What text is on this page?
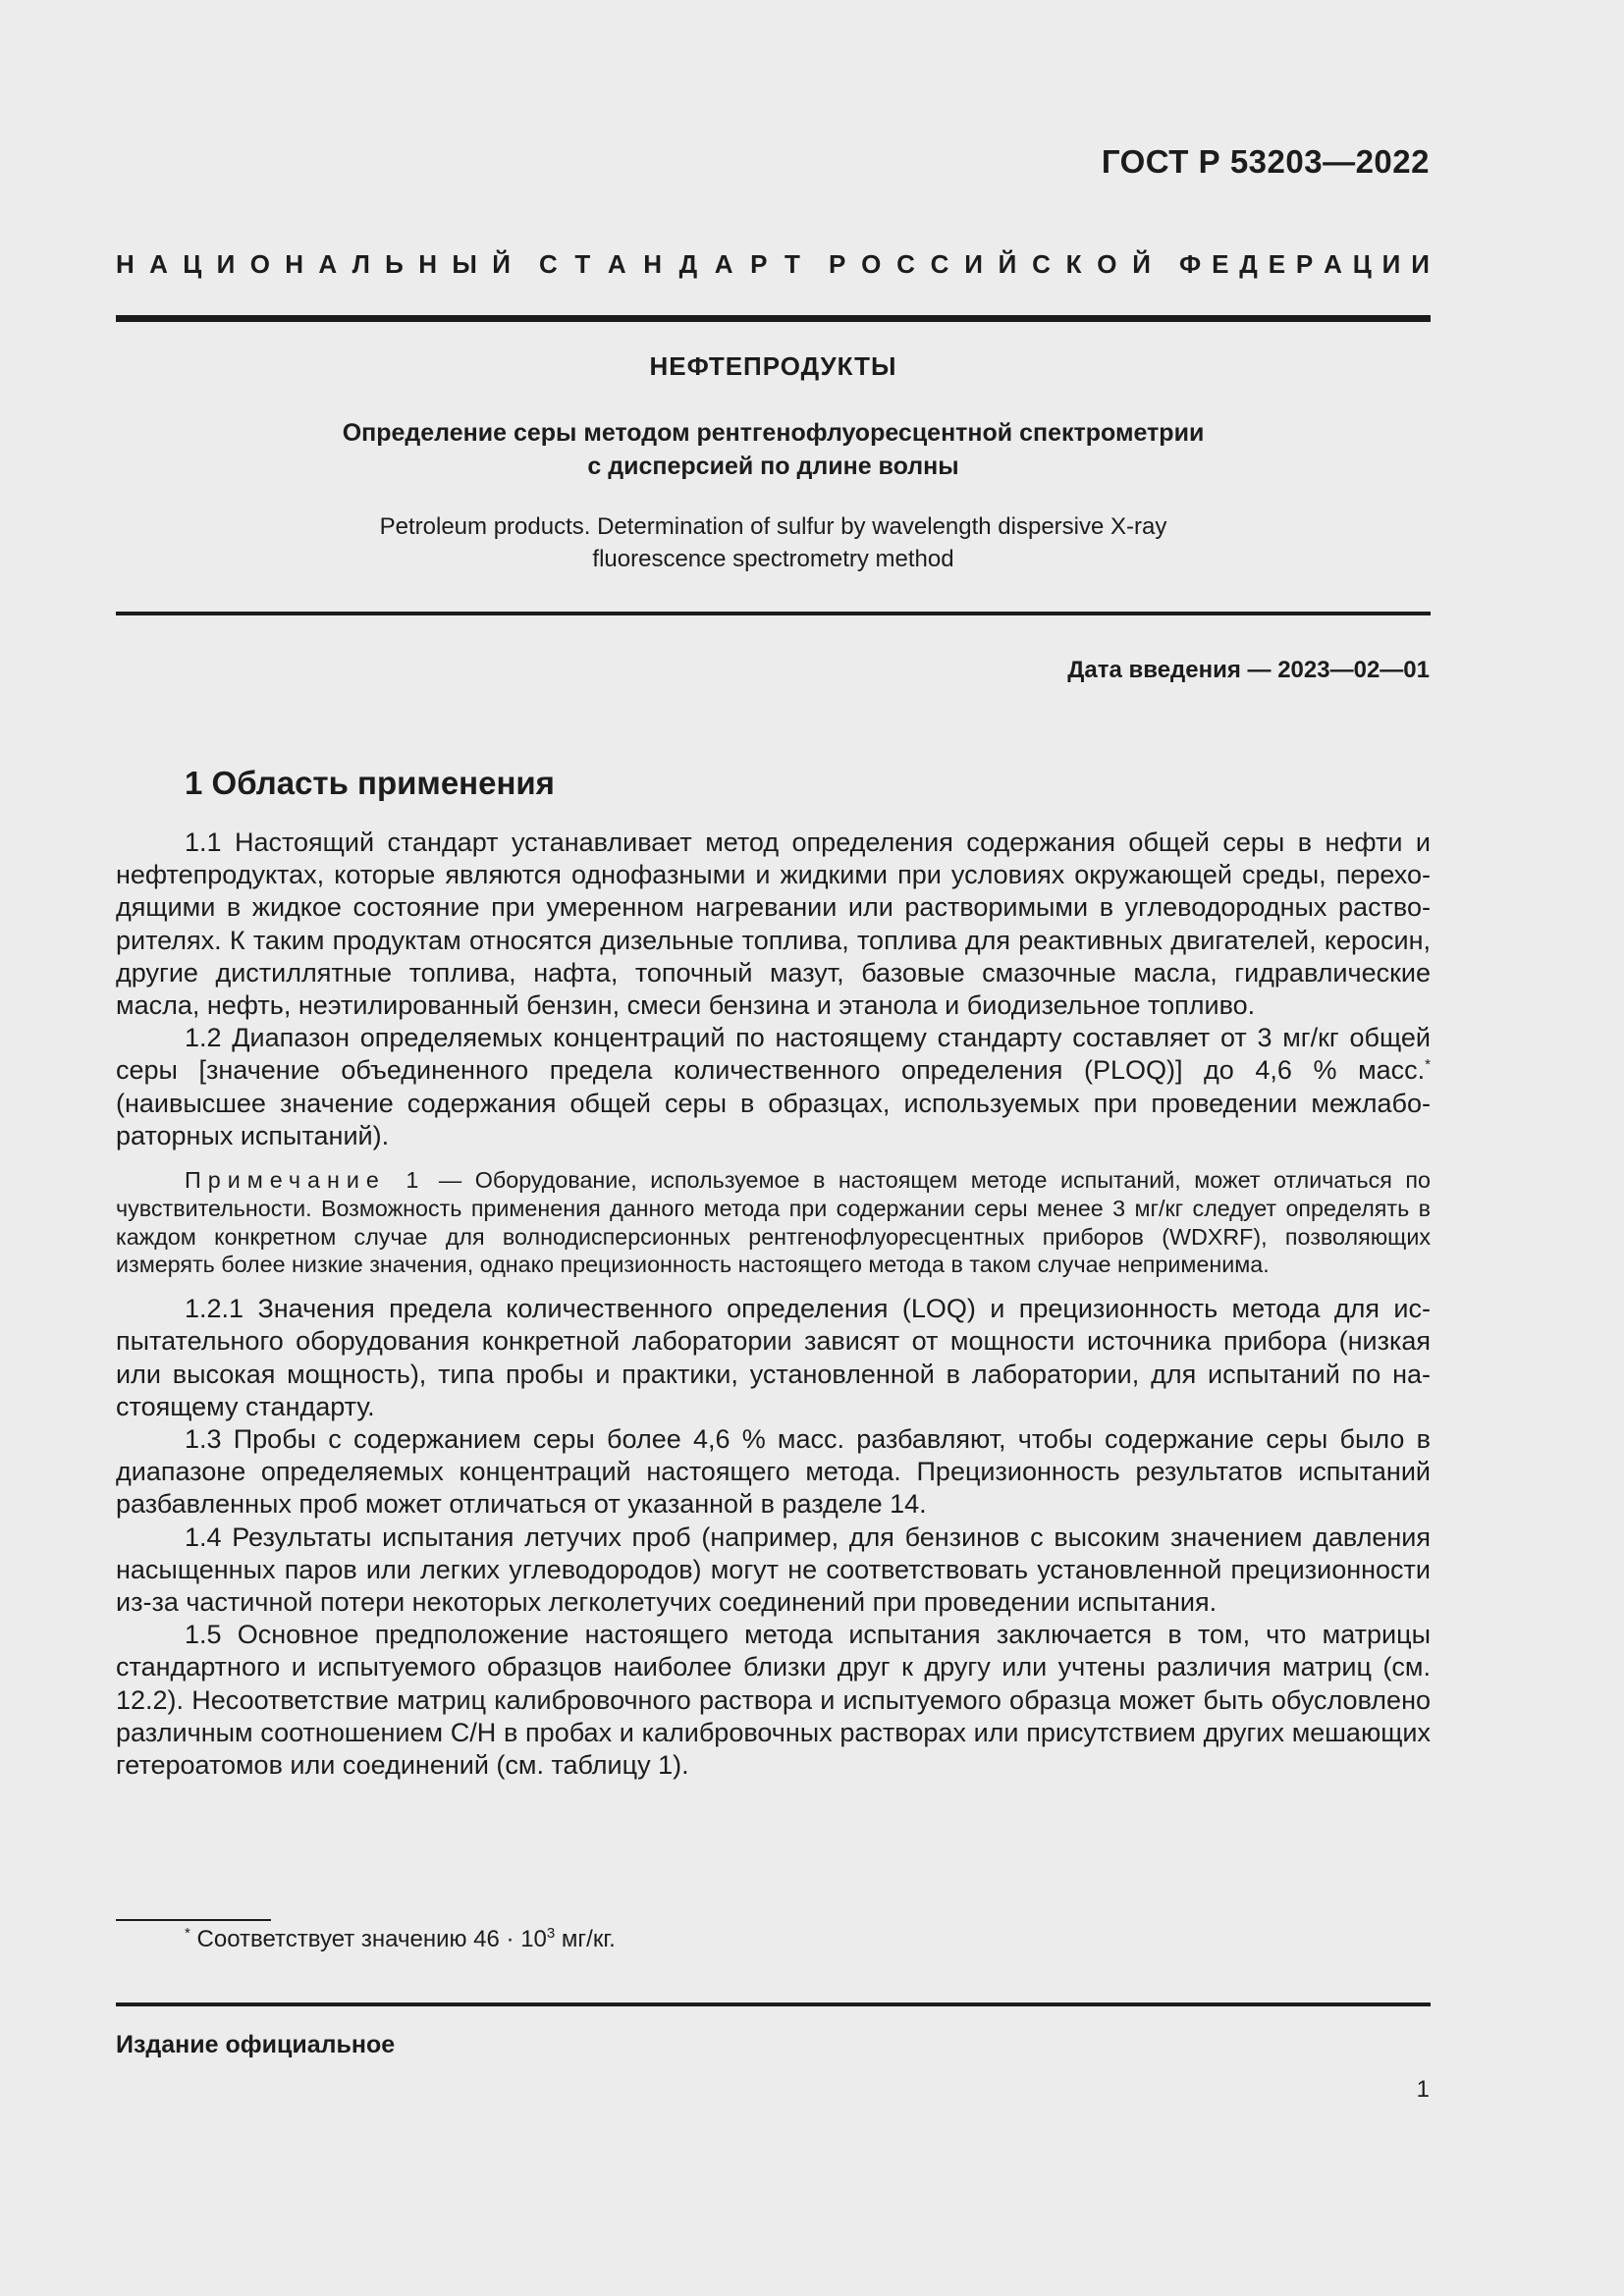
ГОСТ Р 53203—2022
Н А Ц И О Н А Л Ь Н Ы Й С Т А Н Д А Р Т Р О С С И Й С К О Й Ф Е Д Е Р А Ц И И
НЕФТЕПРОДУКТЫ
Определение серы методом рентгенофлуоресцентной спектрометрии
с дисперсией по длине волны
Petroleum products. Determination of sulfur by wavelength dispersive X-ray
fluorescence spectrometry method
Дата введения — 2023—02—01
1 Область применения

1.1 Настоящий стандарт устанавливает метод определения содержания общей серы в нефти и нефтепродуктах, которые являются однофазными и жидкими при условиях окружающей среды, переходящими в жидкое состояние при умеренном нагревании или растворимыми в углеводородных растворителях. К таким продуктам относятся дизельные топлива, топлива для реактивных двигателей, керосин, другие дистиллятные топлива, нафта, топочный мазут, базовые смазочные масла, гидравлические масла, нефть, неэтилированный бензин, смеси бензина и этанола и биодизельное топливо.

1.2 Диапазон определяемых концентраций по настоящему стандарту составляет от 3 мг/кг общей серы [значение объединенного предела количественного определения (PLOQ)] до 4,6 % масс.* (наивысшее значение содержания общей серы в образцах, используемых при проведении межлабораторных испытаний).

Примечание 1 — Оборудование, используемое в настоящем методе испытаний, может отличаться по чувствительности. Возможность применения данного метода при содержании серы менее 3 мг/кг следует определять в каждом конкретном случае для волнодисперсионных рентгенофлуоресцентных приборов (WDXRF), позволяющих измерять более низкие значения, однако прецизионность настоящего метода в таком случае неприменима.

1.2.1 Значения предела количественного определения (LOQ) и прецизионность метода для испытательного оборудования конкретной лаборатории зависят от мощности источника прибора (низкая или высокая мощность), типа пробы и практики, установленной в лаборатории, для испытаний по настоящему стандарту.

1.3 Пробы с содержанием серы более 4,6 % масс. разбавляют, чтобы содержание серы было в диапазоне определяемых концентраций настоящего метода. Прецизионность результатов испытаний разбавленных проб может отличаться от указанной в разделе 14.

1.4 Результаты испытания летучих проб (например, для бензинов с высоким значением давления насыщенных паров или легких углеводородов) могут не соответствовать установленной прецизионности из-за частичной потери некоторых легколетучих соединений при проведении испытания.

1.5 Основное предположение настоящего метода испытания заключается в том, что матрицы стандартного и испытуемого образцов наиболее близки друг к другу или учтены различия матриц (см. 12.2). Несоответствие матриц калибровочного раствора и испытуемого образца может быть обусловлено различным соотношением C/H в пробах и калибровочных растворах или присутствием других мешающих гетероатомов или соединений (см. таблицу 1).

* Соответствует значению $46 \cdot 10^3$ мг/кг.
Издание официальное
1
